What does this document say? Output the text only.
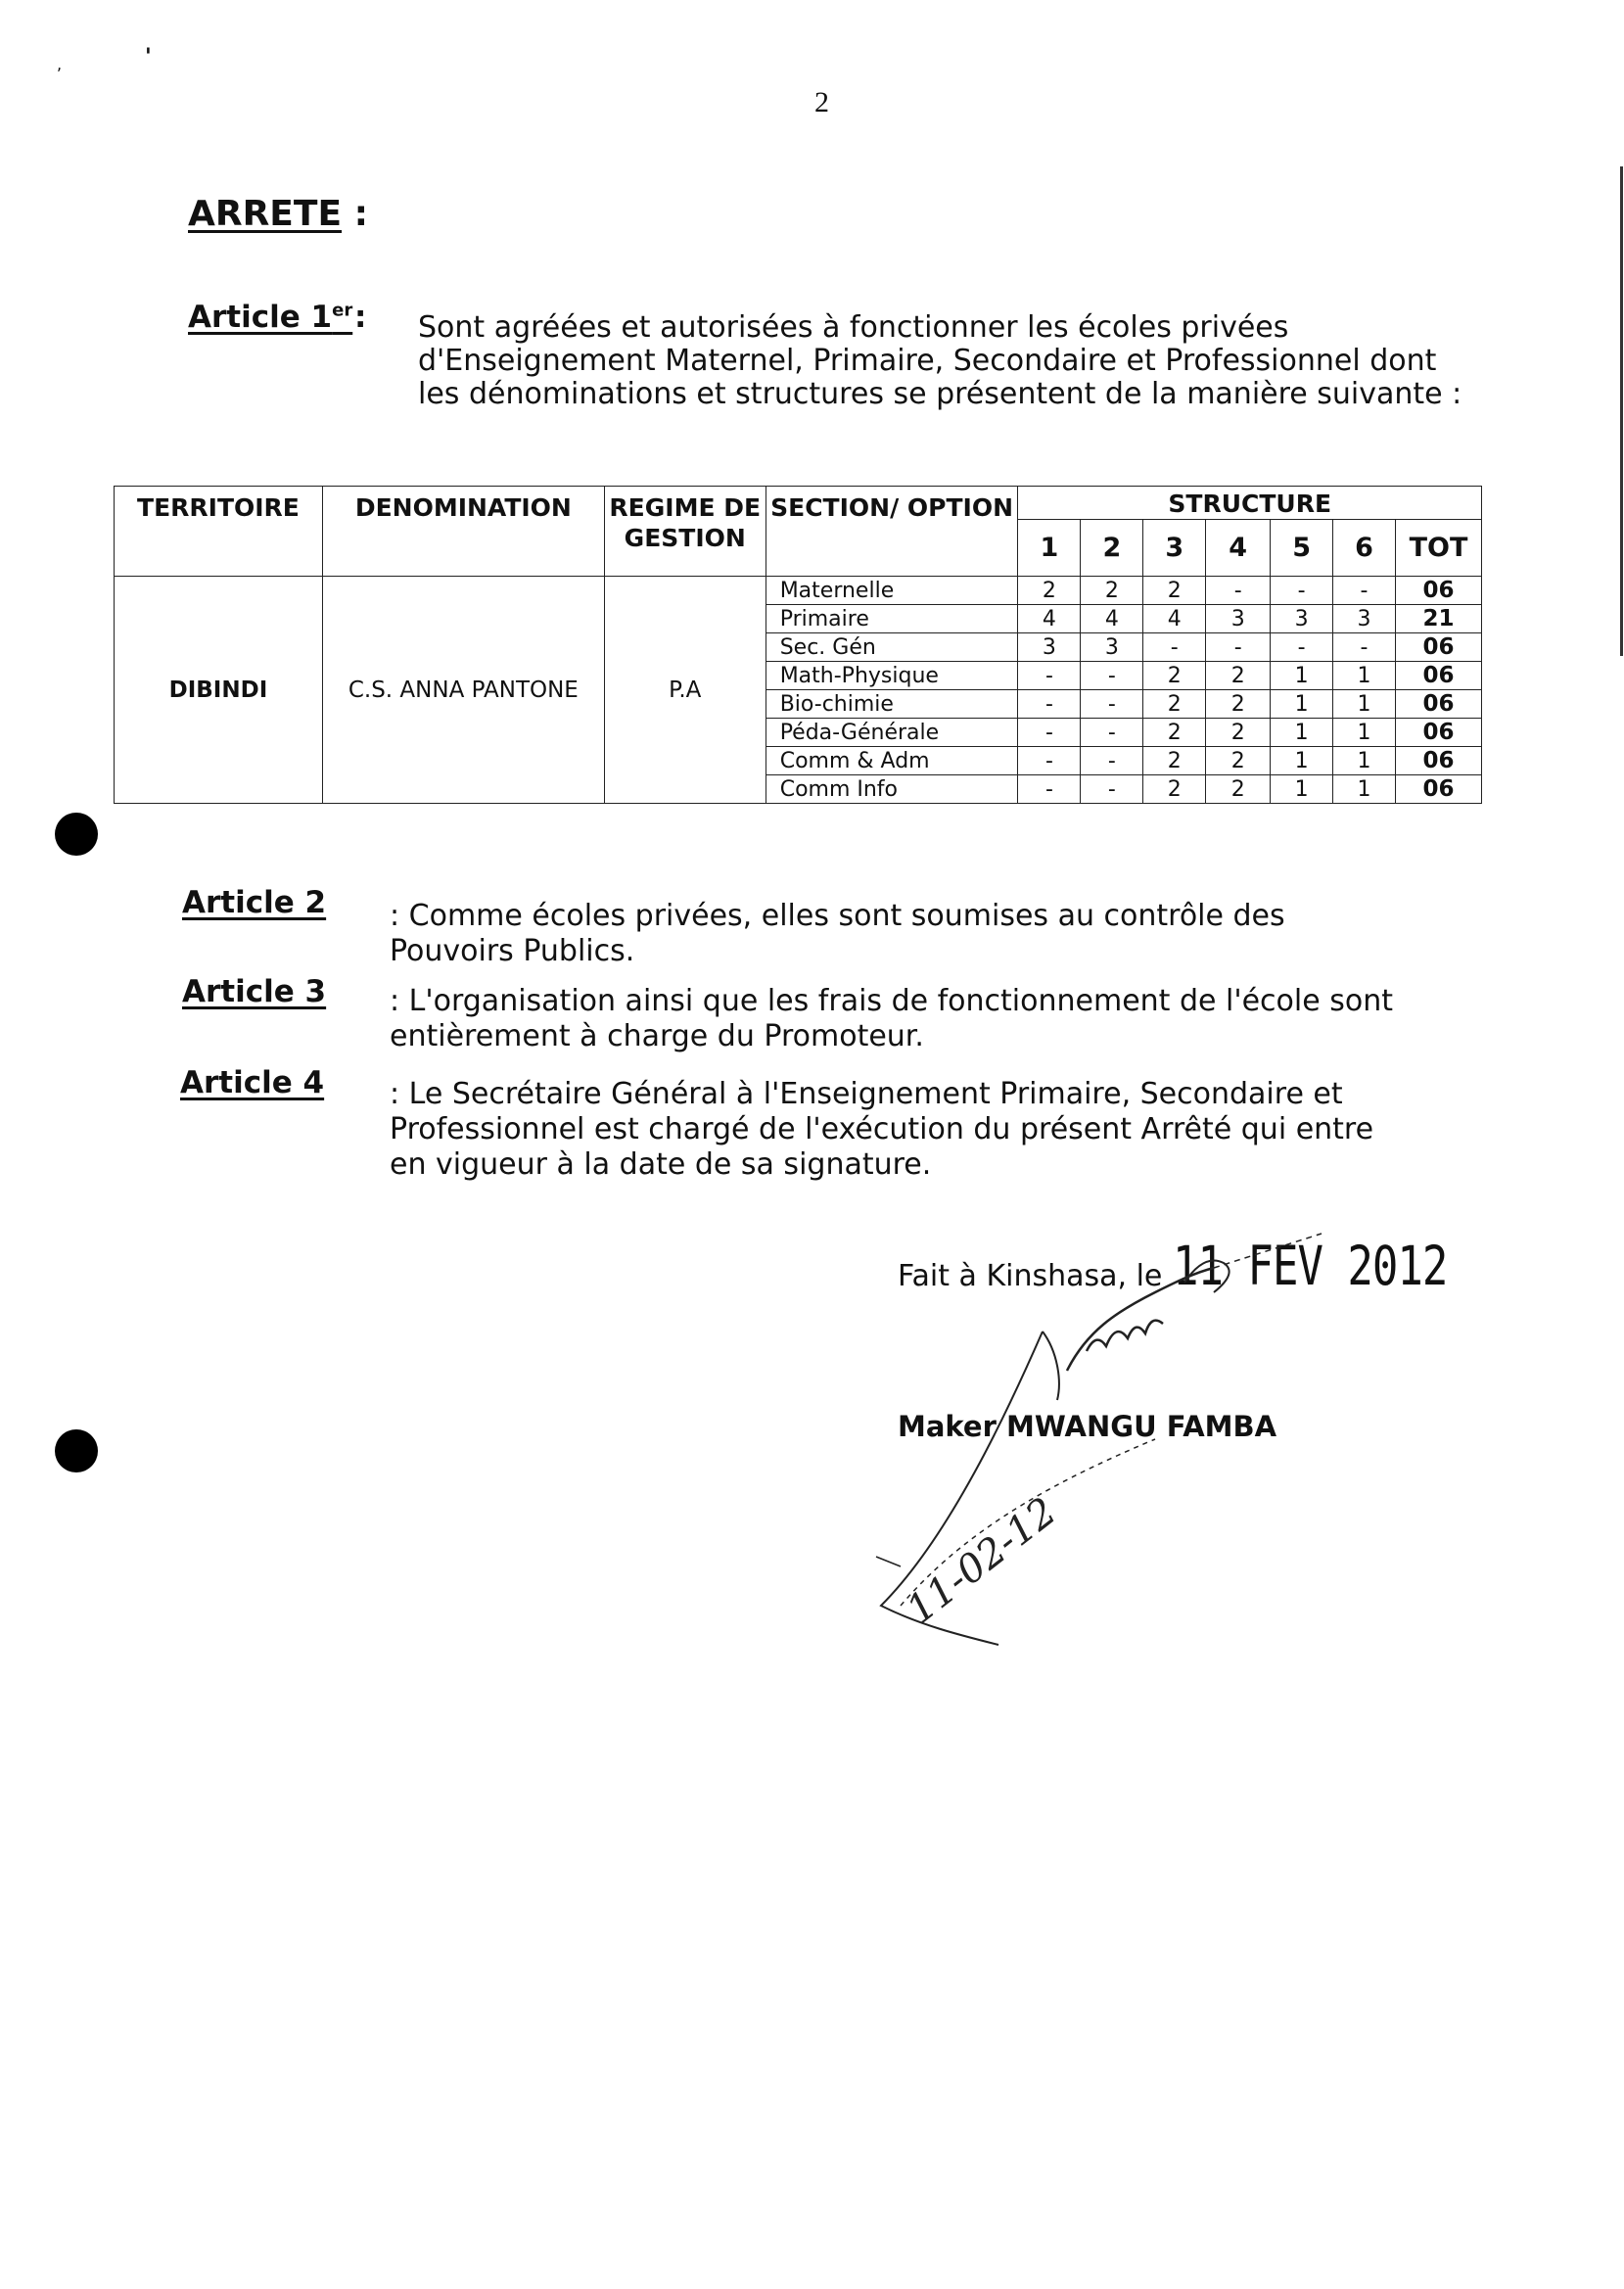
,	'
2
ARRETE :
Article 1er : Sont agréées et autorisées à fonctionner les écoles privées d'Enseignement Maternel, Primaire, Secondaire et Professionnel dont les dénominations et structures se présentent de la manière suivante :
TERRITOIRE	DENOMINATION	REGIME DE GESTION	SECTION/ OPTION	STRUCTURE						
				1	2	3	4	5	6	TOT
DIBINDI	C.S. ANNA PANTONE	P.A	Maternelle	2	2	2	-	-	-	06
			Primaire	4	4	4	3	3	3	21
			Sec. Gén	3	3	-	-	-	-	06
			Math-Physique	-	-	2	2	1	1	06
			Bio-chimie	-	-	2	2	1	1	06
			Péda-Générale	-	-	2	2	1	1	06
			Comm & Adm	-	-	2	2	1	1	06
			Comm Info	-	-	2	2	1	1	06
Article 2 : Comme écoles privées, elles sont soumises au contrôle des Pouvoirs Publics.
Article 3 : L'organisation ainsi que les frais de fonctionnement de l'école sont entièrement à charge du Promoteur.
Article 4 : Le Secrétaire Général à l'Enseignement Primaire, Secondaire et Professionnel est chargé de l'exécution du présent Arrêté qui entre en vigueur à la date de sa signature.
Fait à Kinshasa, le 11 FEV 2012
Maker MWANGU FAMBA
11-02-12
